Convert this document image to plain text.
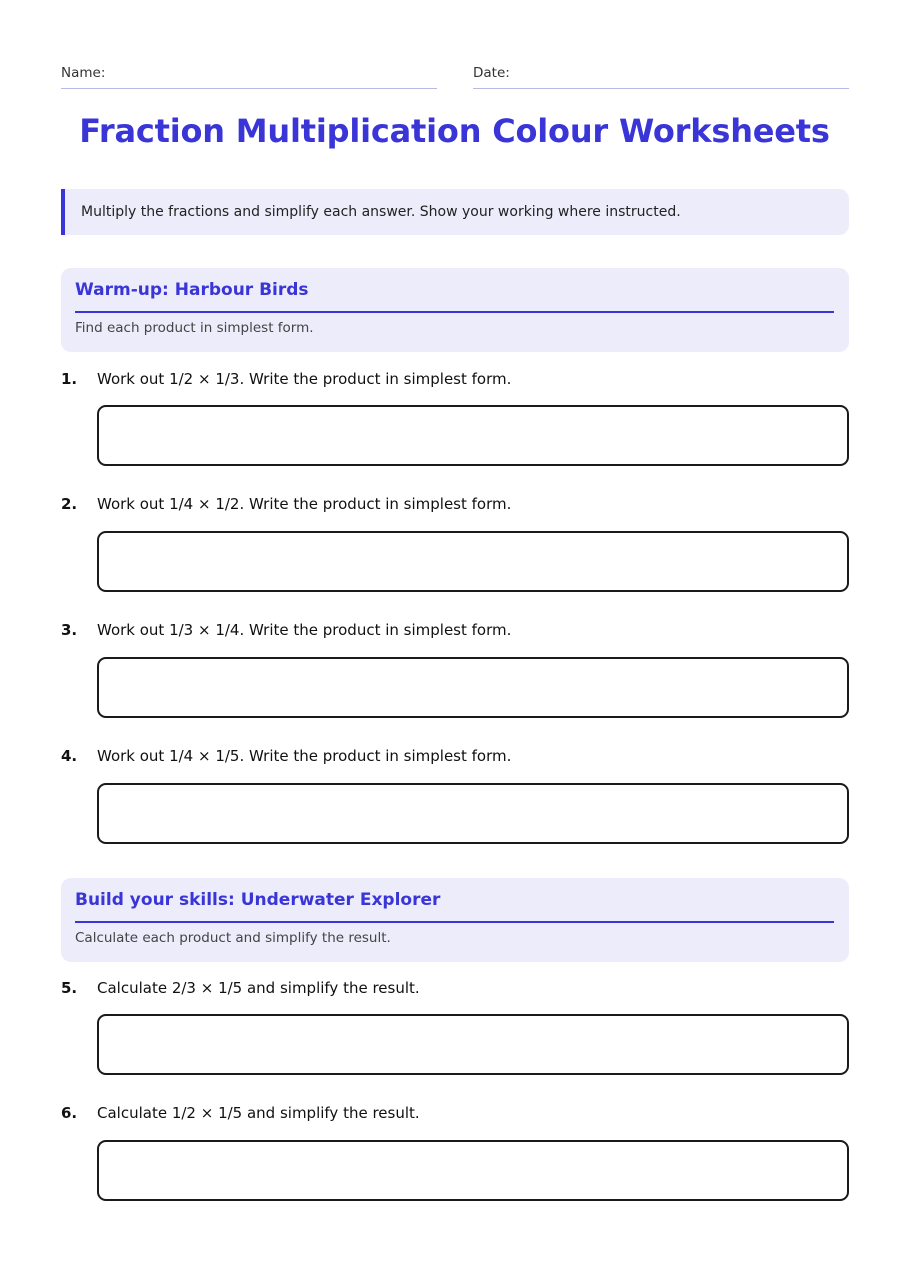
Name:	Date:
Fraction Multiplication Colour Worksheets
Multiply the fractions and simplify each answer. Show your working where instructed.
Warm-up: Harbour Birds
Find each product in simplest form.
1. Work out 1/2 × 1/3. Write the product in simplest form.
2. Work out 1/4 × 1/2. Write the product in simplest form.
3. Work out 1/3 × 1/4. Write the product in simplest form.
4. Work out 1/4 × 1/5. Write the product in simplest form.
Build your skills: Underwater Explorer
Calculate each product and simplify the result.
5. Calculate 2/3 × 1/5 and simplify the result.
6. Calculate 1/2 × 1/5 and simplify the result.
